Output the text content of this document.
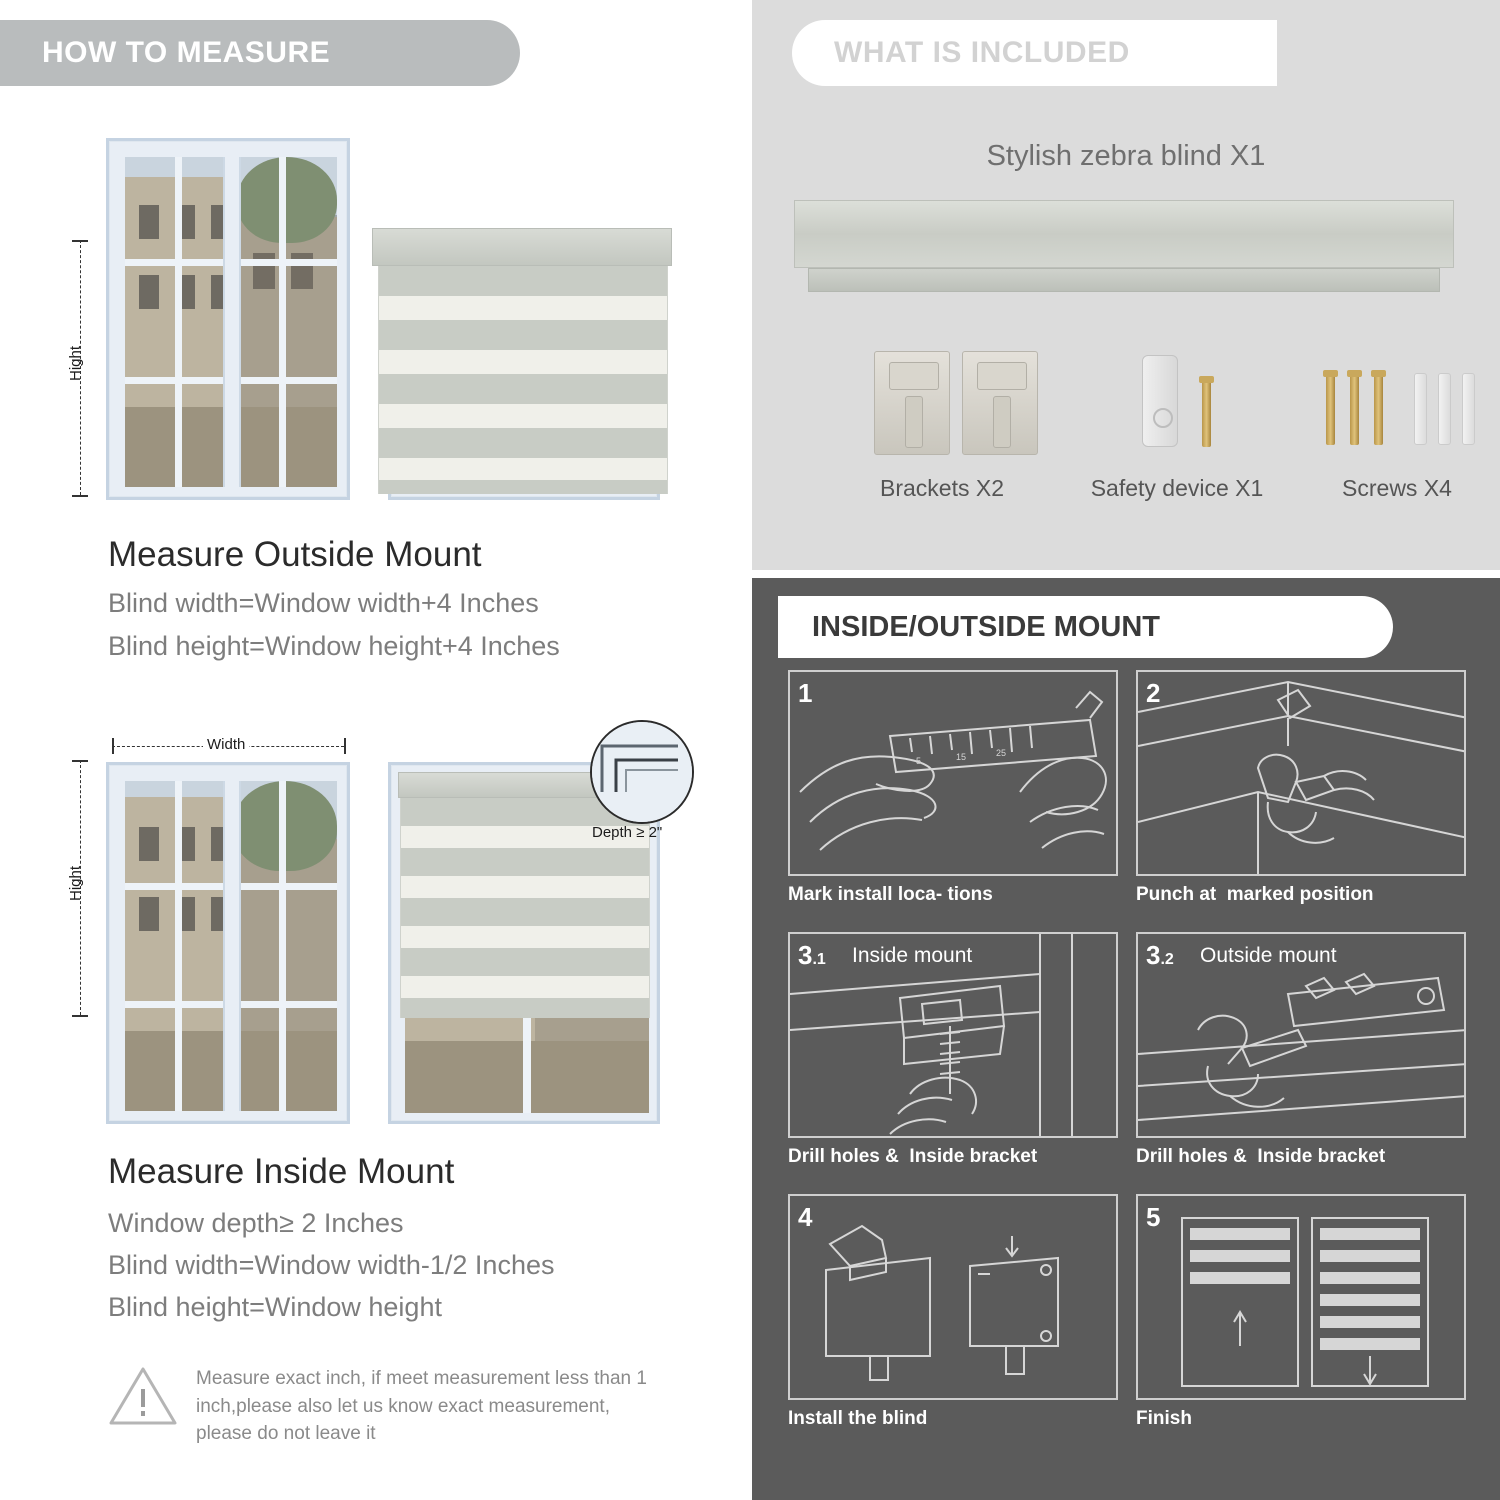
HOW TO MEASURE
Hight
Measure Outside Mount
Blind width=Window width+4 Inches
Blind height=Window height+4 Inches
Width
Hight
Depth ≥ 2"
Measure Inside Mount
Window depth≥ 2 Inches
Blind width=Window width-1/2 Inches
Blind height=Window height
Measure exact inch, if meet measurement less than 1 inch,please also let us know exact measurement, please do not leave it
WHAT IS INCLUDED
Stylish zebra blind X1
Brackets X2	Safety device X1	Screws X4
INSIDE/OUTSIDE MOUNT
1
5	15	25
Mark install loca- tions
2
Punch at  marked position
3.1 Inside mount
Drill holes &  Inside bracket
3.2 Outside mount
Drill holes &  Inside bracket
4
Install the blind
5
Finish
